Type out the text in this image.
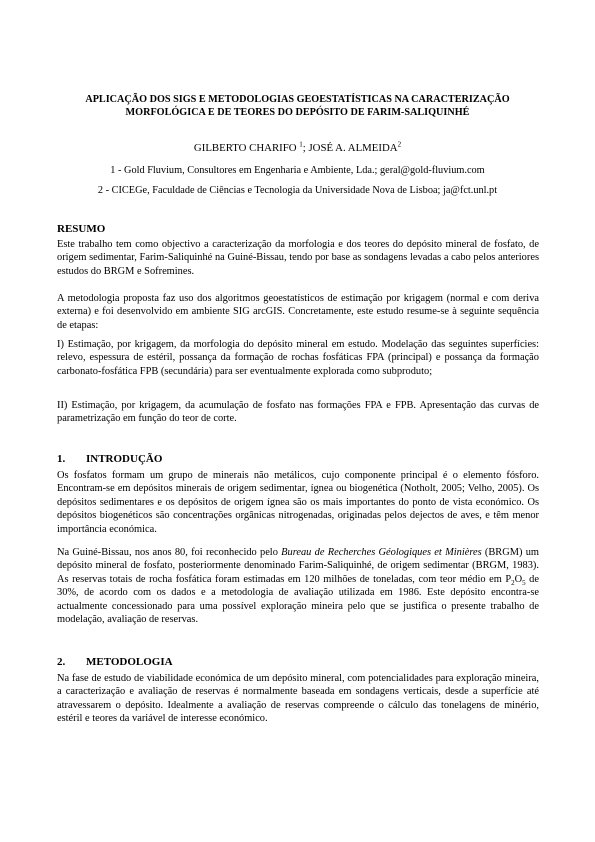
APLICAÇÃO DOS SIGS E METODOLOGIAS GEOESTATÍSTICAS NA CARACTERIZAÇÃO
MORFOLÓGICA E DE TEORES DO DEPÓSITO DE FARIM-SALIQUINHÉ
GILBERTO CHARIFO $^1$; JOSÉ A. ALMEIDA$^2$
1 - Gold Fluvium, Consultores em Engenharia e Ambiente, Lda.; geral@gold-fluvium.com
2 - CICEGe, Faculdade de Ciências e Tecnologia da Universidade Nova de Lisboa; ja@fct.unl.pt
RESUMO

Este trabalho tem como objectivo a caracterização da morfologia e dos teores do depósito mineral de fosfato, de origem sedimentar, Farim-Saliquinhé na Guiné-Bissau, tendo por base as sondagens levadas a cabo pelos anteriores estudos do BRGM e Sofremines.

A metodologia proposta faz uso dos algoritmos geoestatísticos de estimação por krigagem (normal e com deriva externa) e foi desenvolvido em ambiente SIG arcGIS. Concretamente, este estudo resume-se à seguinte sequência de etapas:

I) Estimação, por krigagem, da morfologia do depósito mineral em estudo. Modelação das seguintes superfícies: relevo, espessura de estéril, possança da formação de rochas fosfáticas FPA (principal) e possança da formação carbonato-fosfática FPB (secundária) para ser eventualmente explorada como subproduto;

II) Estimação, por krigagem, da acumulação de fosfato nas formações FPA e FPB. Apresentação das curvas de parametrização em função do teor de corte.

1. INTRODUÇÃO

Os fosfatos formam um grupo de minerais não metálicos, cujo componente principal é o elemento fósforo. Encontram-se em depósitos minerais de origem sedimentar, ígnea ou biogenética (Notholt, 2005; Velho, 2005). Os depósitos sedimentares e os depósitos de origem ígnea são os mais importantes do ponto de vista económico. Os depósitos biogenéticos são concentrações orgânicas nitrogenadas, originadas pelos dejectos de aves, e têm menor importância económica.

Na Guiné-Bissau, nos anos 80, foi reconhecido pelo Bureau de Recherches Géologiques et Minières (BRGM) um depósito mineral de fosfato, posteriormente denominado Farim-Saliquinhé, de origem sedimentar (BRGM, 1983). As reservas totais de rocha fosfática foram estimadas em 120 milhões de toneladas, com teor médio em $P_2O_5$ de 30%, de acordo com os dados e a metodologia de avaliação utilizada em 1986. Este depósito encontra-se actualmente concessionado para uma possível exploração mineira pelo que se justifica o presente trabalho de modelação, avaliação de reservas.

2. METODOLOGIA

Na fase de estudo de viabilidade económica de um depósito mineral, com potencialidades para exploração mineira, a caracterização e avaliação de reservas é normalmente baseada em sondagens verticais, desde a superfície até atravessarem o depósito. Idealmente a avaliação de reservas compreende o cálculo das tonelagens de minério, estéril e teores da variável de interesse económico.
